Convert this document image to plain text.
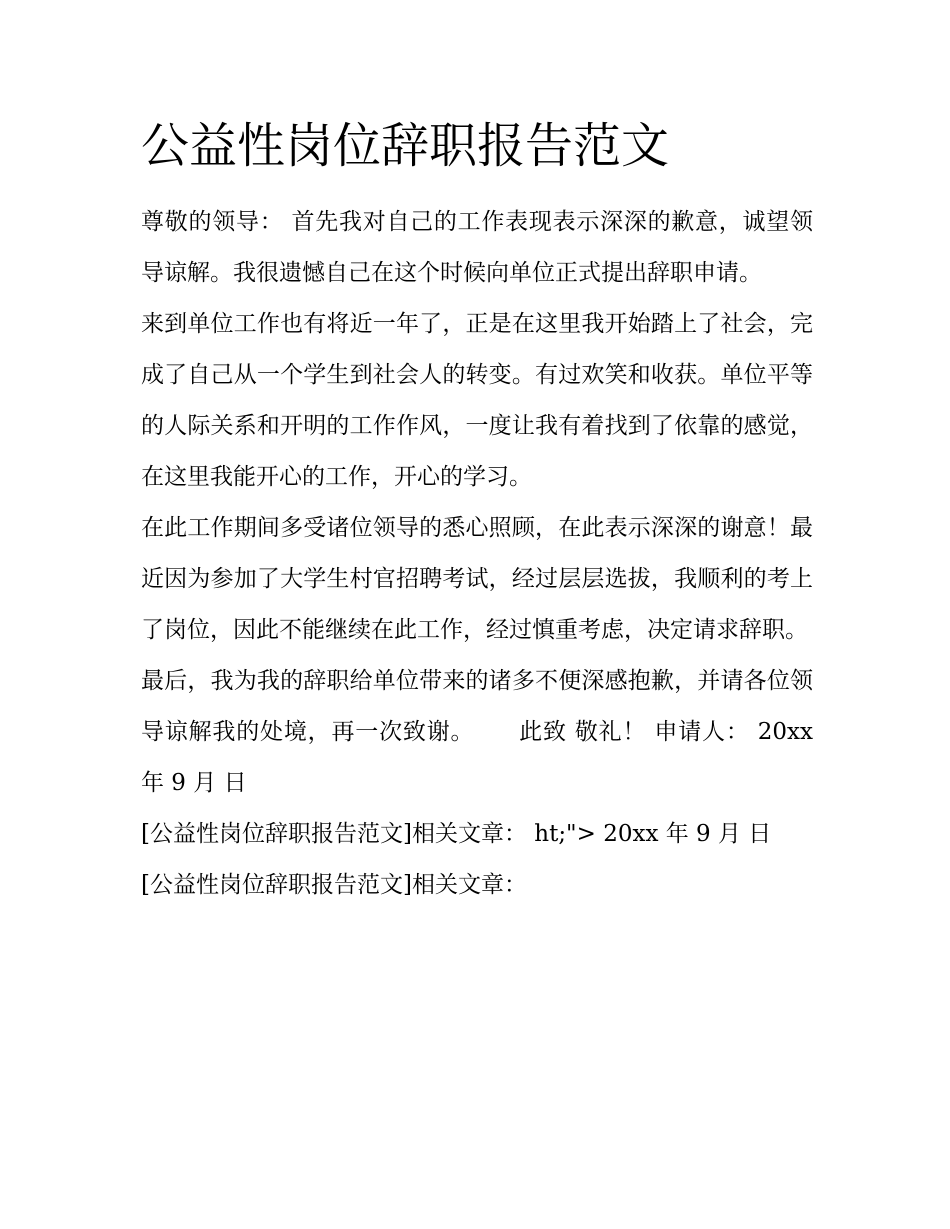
公益性岗位辞职报告范文

尊敬的领导： 首先我对自己的工作表现表示深深的歉意，诚望领导谅解。我很遗憾自己在这个时候向单位正式提出辞职申请。

来到单位工作也有将近一年了，正是在这里我开始踏上了社会，完成了自己从一个学生到社会人的转变。有过欢笑和收获。单位平等的人际关系和开明的工作作风，一度让我有着找到了依靠的感觉，在这里我能开心的工作，开心的学习。

在此工作期间多受诸位领导的悉心照顾，在此表示深深的谢意！最近因为参加了大学生村官招聘考试，经过层层选拔，我顺利的考上了岗位，因此不能继续在此工作，经过慎重考虑，决定请求辞职。

最后，我为我的辞职给单位带来的诸多不便深感抱歉，并请各位领导谅解我的处境，再一次致谢。 此致 敬礼！ 申请人： 20xx 年 9 月 日

[公益性岗位辞职报告范文]相关文章： ht;"> 20xx 年 9 月 日

[公益性岗位辞职报告范文]相关文章：
